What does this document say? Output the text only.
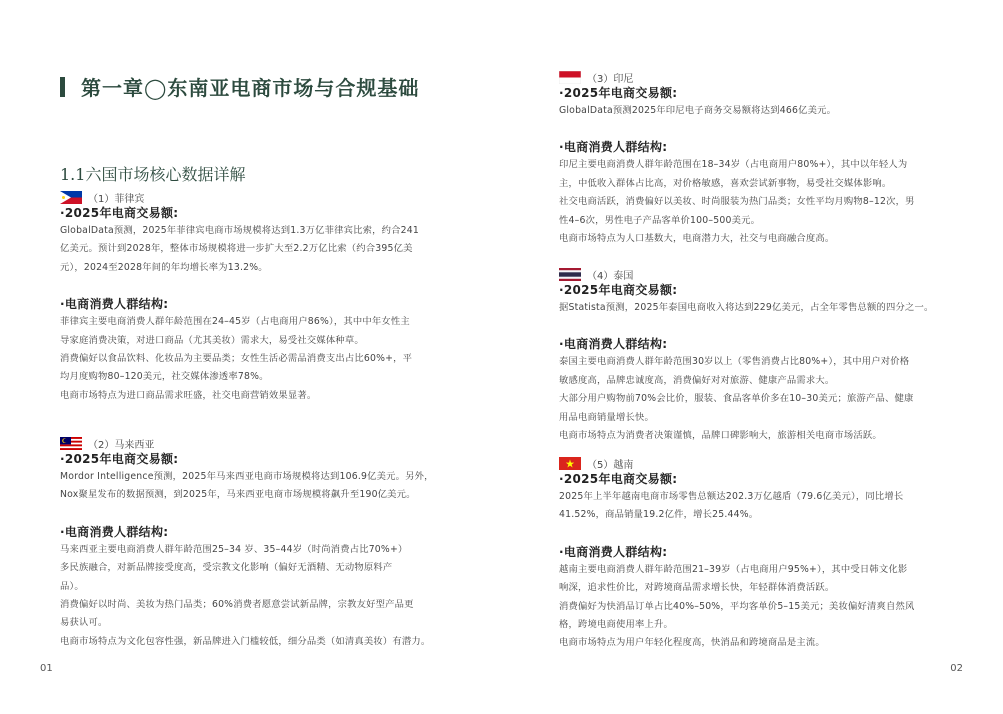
第一章◯东南亚电商市场与合规基础
1.1六国市场核心数据详解
（1）菲律宾
·2025年电商交易额:
GlobalData预测，2025年菲律宾电商市场规模将达到1.3万亿菲律宾比索，约合241
亿美元。预计到2028年，整体市场规模将进一步扩大至2.2万亿比索（约合395亿美
元），2024至2028年间的年均增长率为13.2%。
·电商消费人群结构:
菲律宾主要电商消费人群年龄范围在24–45岁（占电商用户86%），其中中年女性主
导家庭消费决策，对进口商品（尤其美妆）需求大，易受社交媒体种草。
消费偏好以食品饮料、化妆品为主要品类；女性生活必需品消费支出占比60%+，平
均月度购物80–120美元，社交媒体渗透率78%。
电商市场特点为进口商品需求旺盛，社交电商营销效果显著。
（2）马来西亚
·2025年电商交易额:
Mordor Intelligence预测，2025年马来西亚电商市场规模将达到106.9亿美元。另外，
Nox聚星发布的数据预测，到2025年，马来西亚电商市场规模将飙升至190亿美元。
·电商消费人群结构:
马来西亚主要电商消费人群年龄范围25–34 岁、35–44岁（时尚消费占比70%+）
多民族融合，对新品牌接受度高，受宗教文化影响（偏好无酒精、无动物原料产
品）。
消费偏好以时尚、美妆为热门品类；60%消费者愿意尝试新品牌，宗教友好型产品更
易获认可。
电商市场特点为文化包容性强，新品牌进入门槛较低，细分品类（如清真美妆）有潜力。
01
（3）印尼
·2025年电商交易额:
GlobalData预测2025年印尼电子商务交易额将达到466亿美元。
·电商消费人群结构:
印尼主要电商消费人群年龄范围在18–34岁（占电商用户80%+），其中以年轻人为
主，中低收入群体占比高，对价格敏感，喜欢尝试新事物，易受社交媒体影响。
社交电商活跃，消费偏好以美妆、时尚服装为热门品类；女性平均月购物8–12次，男
性4–6次，男性电子产品客单价100–500美元。
电商市场特点为人口基数大，电商潜力大，社交与电商融合度高。
（4）泰国
·2025年电商交易额:
据Statista预测，2025年泰国电商收入将达到229亿美元，占全年零售总额的四分之一。
·电商消费人群结构:
泰国主要电商消费人群年龄范围30岁以上（零售消费占比80%+），其中用户对价格
敏感度高，品牌忠诚度高，消费偏好对对旅游、健康产品需求大。
大部分用户购物前70%会比价，服装、食品客单价多在10–30美元；旅游产品、健康
用品电商销量增长快。
电商市场特点为消费者决策谨慎，品牌口碑影响大，旅游相关电商市场活跃。
（5）越南
·2025年电商交易额:
2025年上半年越南电商市场零售总额达202.3万亿越盾（79.6亿美元），同比增长
41.52%，商品销量19.2亿件，增长25.44%。
·电商消费人群结构:
越南主要电商消费人群年龄范围21–39岁（占电商用户95%+），其中受日韩文化影
响深，追求性价比，对跨境商品需求增长快，年轻群体消费活跃。
消费偏好为快消品订单占比40%–50%，平均客单价5–15美元；美妆偏好清爽自然风
格，跨境电商使用率上升。
电商市场特点为用户年轻化程度高，快消品和跨境商品是主流。
02
